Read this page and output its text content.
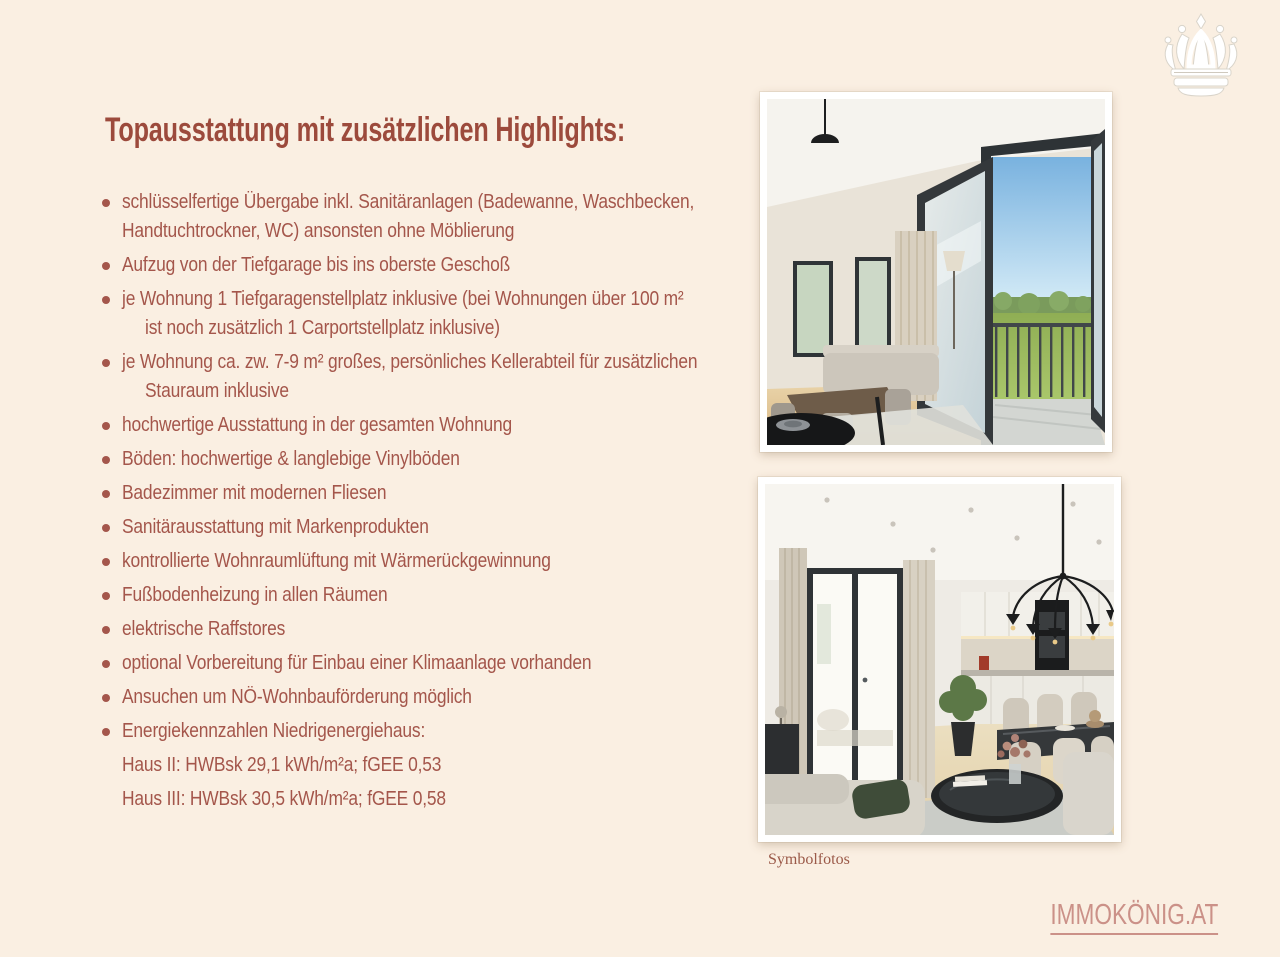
Topausstattung mit zusätzlichen Highlights:
schlüsselfertige Übergabe inkl. Sanitäranlagen (Badewanne, Waschbecken,
Handtuchtrockner, WC) ansonsten ohne Möblierung
Aufzug von der Tiefgarage bis ins oberste Geschoß
je Wohnung 1 Tiefgaragenstellplatz inklusive (bei Wohnungen über 100 m²
ist noch zusätzlich 1 Carportstellplatz inklusive)
je Wohnung ca. zw. 7-9 m² großes, persönliches Kellerabteil für zusätzlichen
Stauraum inklusive
hochwertige Ausstattung in der gesamten Wohnung
Böden: hochwertige & langlebige Vinylböden
Badezimmer mit modernen Fliesen
Sanitärausstattung mit Markenprodukten
kontrollierte Wohnraumlüftung mit Wärmerückgewinnung
Fußbodenheizung in allen Räumen
elektrische Raffstores
optional Vorbereitung für Einbau einer Klimaanlage vorhanden
Ansuchen um NÖ-Wohnbauförderung möglich
Energiekennzahlen Niedrigenergiehaus:
Haus II: HWBsk 29,1 kWh/m²a; fGEE 0,53
Haus III: HWBsk 30,5 kWh/m²a; fGEE 0,58
Symbolfotos
IMMOKÖNIG.AT
